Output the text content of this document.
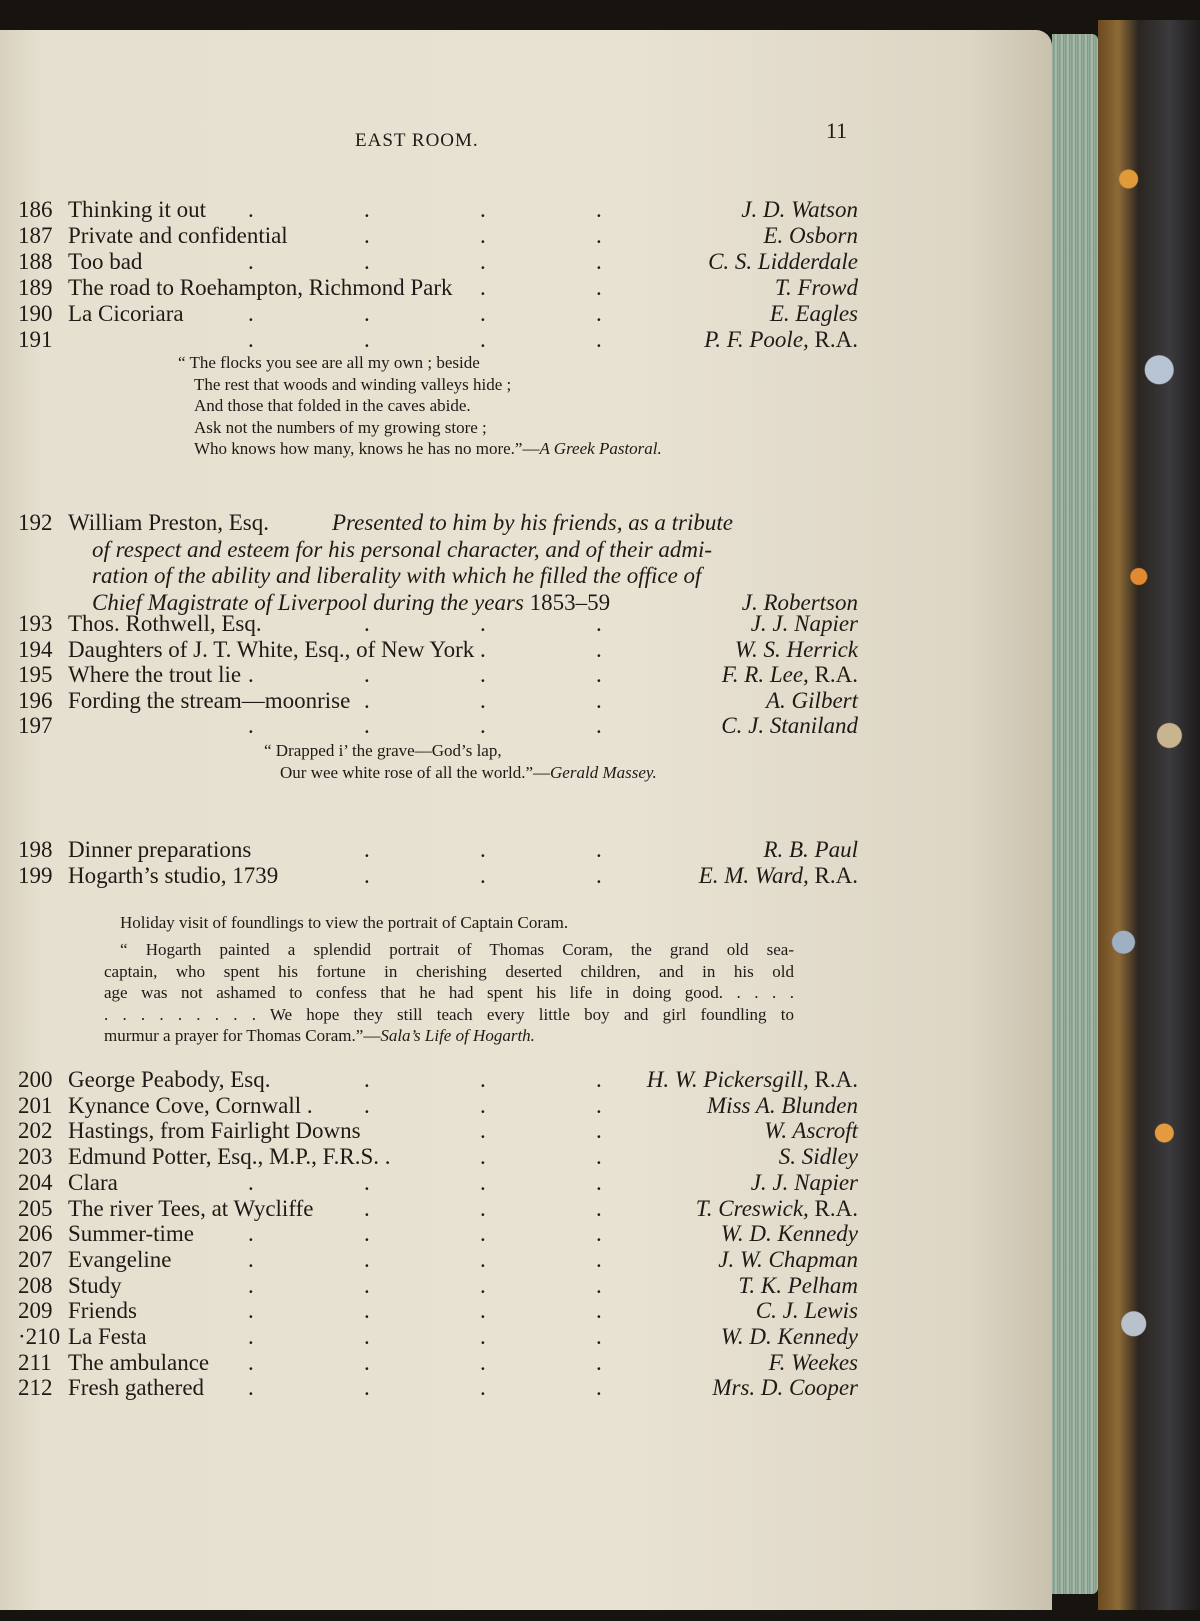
EAST ROOM.	11
186 Thinking it out .	.	.	.	J. D. Watson
187 Private and confidential	.	.	.	E. Osborn
188 Too bad	.	.	.	.	C. S. Lidderdale
189 The road to Roehampton, Richmond Park .	.	T. Frowd
190 La Cicoriara	.	.	.	.	E. Eagles
191	.	.	.	.	P. F. Poole, R.A.
“ The flocks you see are all my own ; beside
The rest that woods and winding valleys hide ;
And those that folded in the caves abide.
Ask not the numbers of my growing store ;
Who knows how many, knows he has no more.”—A Greek Pastoral.
192 William Preston, Esq.	Presented to him by his friends, as a tribute
of respect and esteem for his personal character, and of their admi-
ration of the ability and liberality with which he filled the office of
Chief Magistrate of Liverpool during the years 1853–59	J. Robertson
193 Thos. Rothwell, Esq.	.	.	.	J. J. Napier
194 Daughters of J. T. White, Esq., of New York .	.	W. S. Herrick
195 Where the trout lie .	.	.	.	F. R. Lee, R.A.
196 Fording the stream—moonrise .	.	.	A. Gilbert
197	.	.	.	.	C. J. Staniland
“ Drapped i’ the grave—God’s lap,
Our wee white rose of all the world.”—Gerald Massey.
198 Dinner preparations	.	.	.	R. B. Paul
199 Hogarth’s studio, 1739	.	.	.	E. M. Ward, R.A.

Holiday visit of foundlings to view the portrait of Captain Coram.

“ Hogarth painted a splendid portrait of Thomas Coram, the grand old sea-
captain, who spent his fortune in cherishing deserted children, and in his old
age was not ashamed to confess that he had spent his life in doing good. . . . .
. . . . . . . . . We hope they still teach every little boy and girl foundling to
murmur a prayer for Thomas Coram.”—Sala’s Life of Hogarth.
200 George Peabody, Esq.	.	.	. H. W. Pickersgill, R.A.
201 Kynance Cove, Cornwall . .	.	.	Miss A. Blunden
202 Hastings, from Fairlight Downs	.	.	W. Ascroft
203 Edmund Potter, Esq., M.P., F.R.S. .	.	.	S. Sidley
204 Clara	.	.	.	.	J. J. Napier
205 The river Tees, at Wycliffe .	.	.	T. Creswick, R.A.
206 Summer-time .	.	.	.	W. D. Kennedy
207 Evangeline	.	.	.	.	J. W. Chapman
208 Study	.	.	.	.	T. K. Pelham
209 Friends	.	.	.	.	C. J. Lewis
·210 La Festa	.	.	.	.	W. D. Kennedy
211 The ambulance .	.	.	.	F. Weekes
212 Fresh gathered .	.	.	.	Mrs. D. Cooper
